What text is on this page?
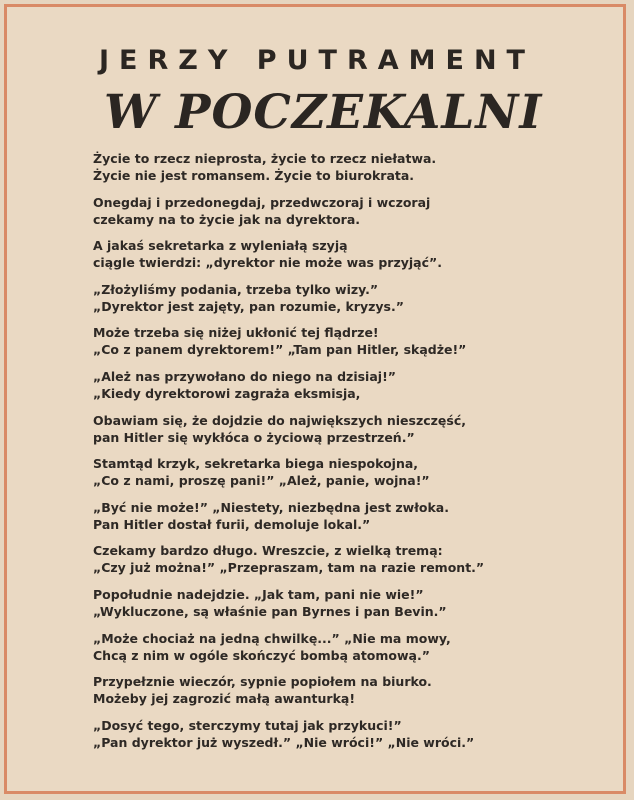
JERZY PUTRAMENT
W POCZEKALNI
Życie to rzecz nieprosta, życie to rzecz niełatwa.
Życie nie jest romansem. Życie to biurokrata.
Onegdaj i przedonegdaj, przedwczoraj i wczoraj
czekamy na to życie jak na dyrektora.
A jakaś sekretarka z wyleniałą szyją
ciągle twierdzi: „dyrektor nie może was przyjąć”.
„Złożyliśmy podania, trzeba tylko wizy.”
„Dyrektor jest zajęty, pan rozumie, kryzys.”
Może trzeba się niżej ukłonić tej flądrze!
„Co z panem dyrektorem!” „Tam pan Hitler, skądże!”
„Ależ nas przywołano do niego na dzisiaj!”
„Kiedy dyrektorowi zagraża eksmisja,
Obawiam się, że dojdzie do największych nieszczęść,
pan Hitler się wykłóca o życiową przestrzeń.”
Stamtąd krzyk, sekretarka biega niespokojna,
„Co z nami, proszę pani!” „Ależ, panie, wojna!”
„Być nie może!” „Niestety, niezbędna jest zwłoka.
Pan Hitler dostał furii, demoluje lokal.”
Czekamy bardzo długo. Wreszcie, z wielką tremą:
„Czy już można!” „Przepraszam, tam na razie remont.”
Popołudnie nadejdzie. „Jak tam, pani nie wie!”
„Wykluczone, są właśnie pan Byrnes i pan Bevin.”
„Może chociaż na jedną chwilkę...” „Nie ma mowy,
Chcą z nim w ogóle skończyć bombą atomową.”
Przypełznie wieczór, sypnie popiołem na biurko.
Możeby jej zagrozić małą awanturką!
„Dosyć tego, sterczymy tutaj jak przykuci!”
„Pan dyrektor już wyszedł.” „Nie wróci!” „Nie wróci.”
